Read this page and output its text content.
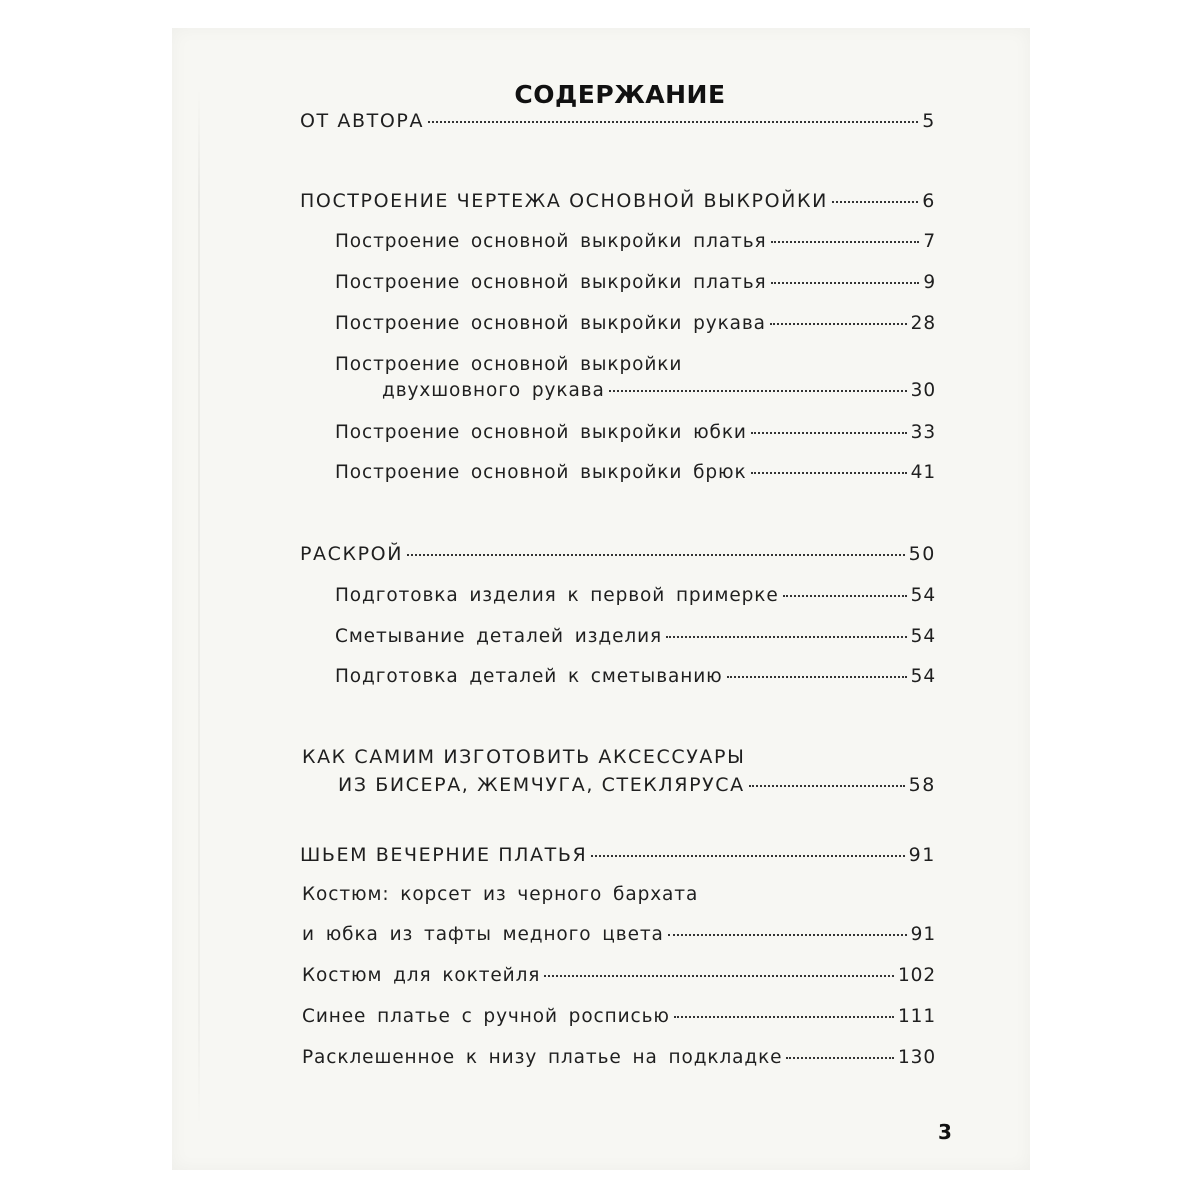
СОДЕРЖАНИЕ
ОТ АВТОРА	5
ПОСТРОЕНИЕ ЧЕРТЕЖА ОСНОВНОЙ ВЫКРОЙКИ	6
Построение основной выкройки платья	7
Построение основной выкройки платья	9
Построение основной выкройки рукава	28
Построение основной выкройки
двухшовного рукава	30
Построение основной выкройки юбки	33
Построение основной выкройки брюк	41
РАСКРОЙ	50
Подготовка изделия к первой примерке	54
Сметывание деталей изделия	54
Подготовка деталей к сметыванию	54
КАК САМИМ ИЗГОТОВИТЬ АКСЕССУАРЫ
ИЗ БИСЕРА, ЖЕМЧУГА, СТЕКЛЯРУСА	58
ШЬЕМ ВЕЧЕРНИЕ ПЛАТЬЯ	91
Костюм: корсет из черного бархата
и юбка из тафты медного цвета	91
Костюм для коктейля	102
Синее платье с ручной росписью	111
Расклешенное к низу платье на подкладке	130
3
